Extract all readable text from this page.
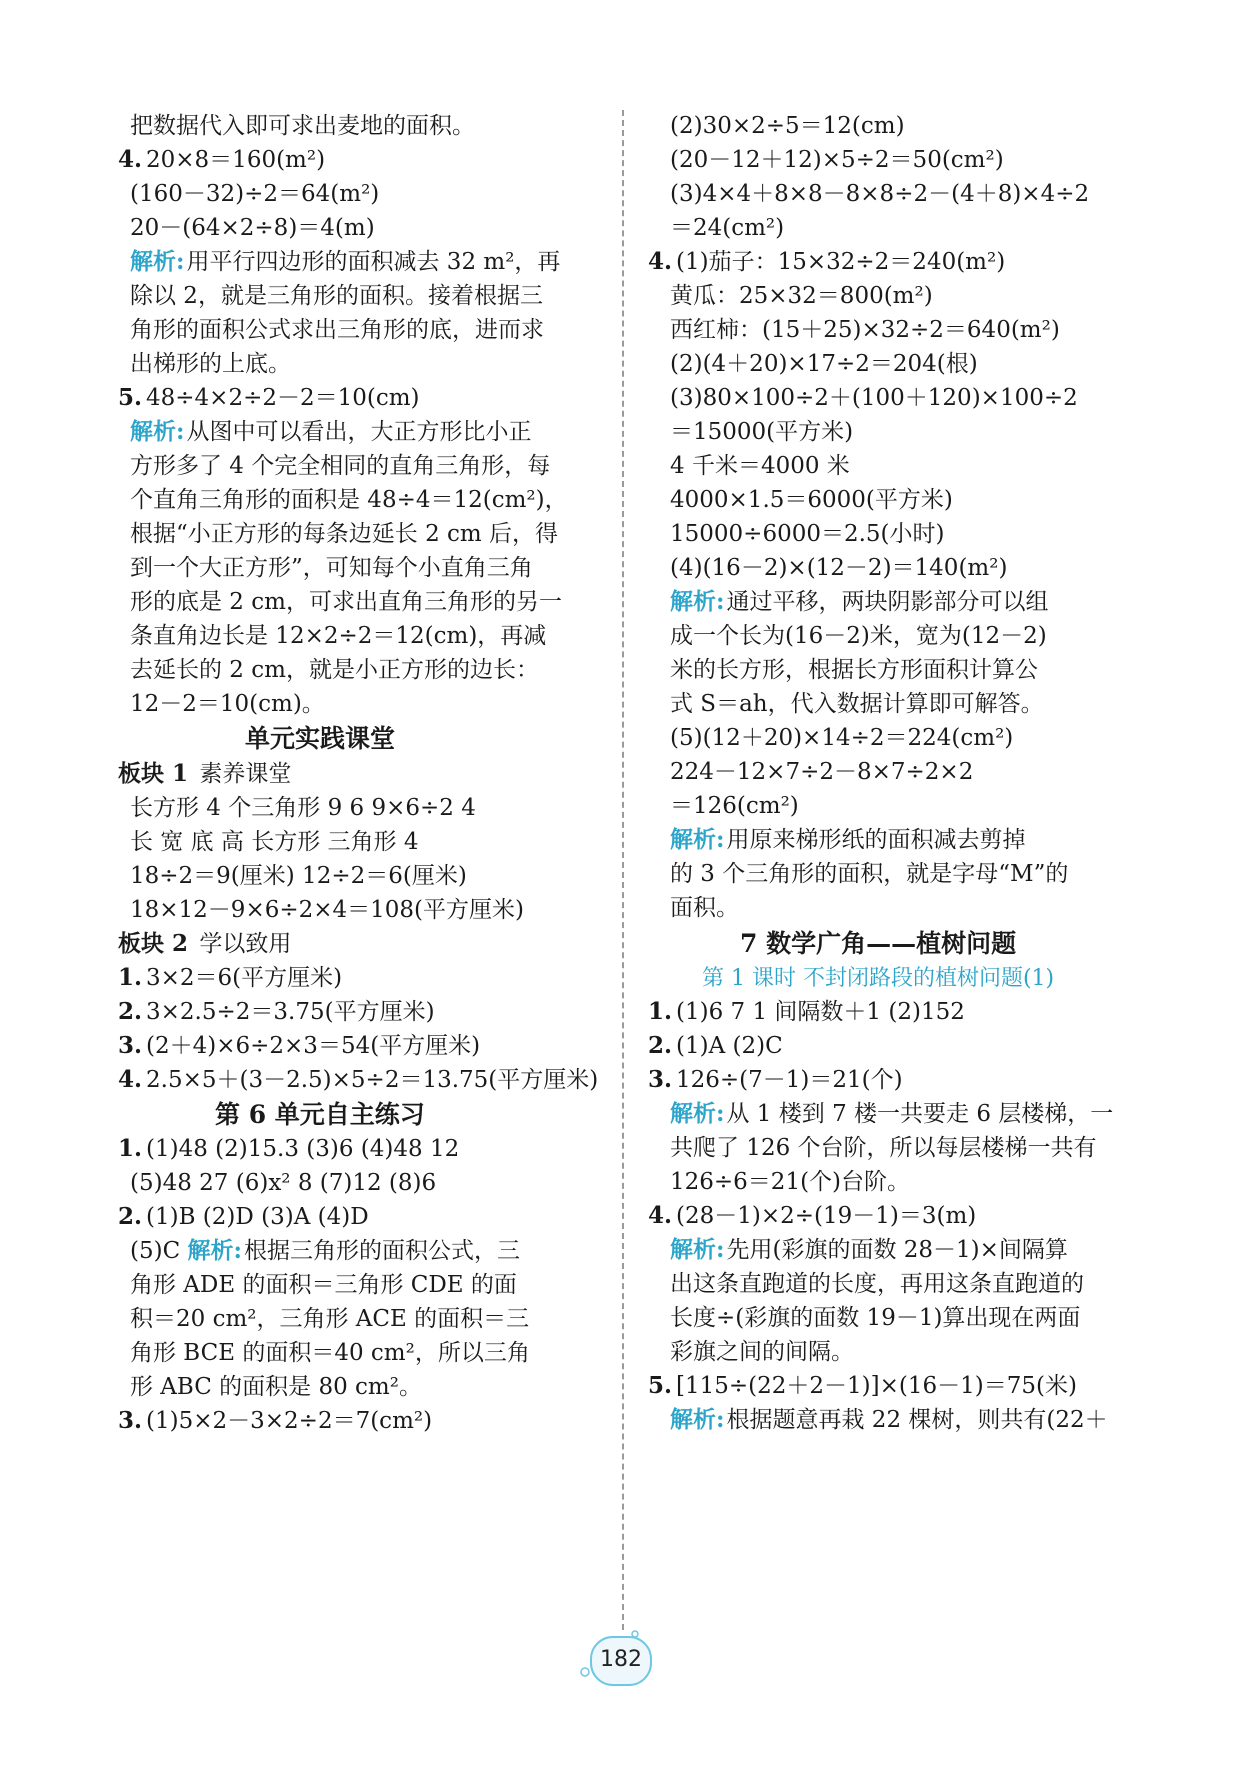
把数据代入即可求出麦地的面积。
4. 20×8＝160(m²)
(160－32)÷2＝64(m²)
20－(64×2÷8)＝4(m)
解析:用平行四边形的面积减去 32 m²，再
除以 2，就是三角形的面积。接着根据三
角形的面积公式求出三角形的底，进而求
出梯形的上底。
5. 48÷4×2÷2－2＝10(cm)
解析:从图中可以看出，大正方形比小正
方形多了 4 个完全相同的直角三角形，每
个直角三角形的面积是 48÷4＝12(cm²)，
根据“小正方形的每条边延长 2 cm 后，得
到一个大正方形”，可知每个小直角三角
形的底是 2 cm，可求出直角三角形的另一
条直角边长是 12×2÷2＝12(cm)，再减
去延长的 2 cm，就是小正方形的边长：
12－2＝10(cm)。
单元实践课堂
板块 1 素养课堂
长方形 4 个三角形 9 6 9×6÷2 4
长 宽 底 高 长方形 三角形 4
18÷2＝9(厘米) 12÷2＝6(厘米)
18×12－9×6÷2×4＝108(平方厘米)
板块 2 学以致用
1. 3×2＝6(平方厘米)
2. 3×2.5÷2＝3.75(平方厘米)
3. (2＋4)×6÷2×3＝54(平方厘米)
4. 2.5×5＋(3－2.5)×5÷2＝13.75(平方厘米)
第 6 单元自主练习
1. (1)48 (2)15.3 (3)6 (4)48 12
(5)48 27 (6)x² 8 (7)12 (8)6
2. (1)B (2)D (3)A (4)D
(5)C 解析:根据三角形的面积公式，三
角形 ADE 的面积＝三角形 CDE 的面
积＝20 cm²，三角形 ACE 的面积＝三
角形 BCE 的面积＝40 cm²，所以三角
形 ABC 的面积是 80 cm²。
3. (1)5×2－3×2÷2＝7(cm²)
(2)30×2÷5＝12(cm)
(20－12＋12)×5÷2＝50(cm²)
(3)4×4＋8×8－8×8÷2－(4＋8)×4÷2
＝24(cm²)
4. (1)茄子：15×32÷2＝240(m²)
黄瓜：25×32＝800(m²)
西红柿：(15＋25)×32÷2＝640(m²)
(2)(4＋20)×17÷2＝204(根)
(3)80×100÷2＋(100＋120)×100÷2
＝15000(平方米)
4 千米＝4000 米
4000×1.5＝6000(平方米)
15000÷6000＝2.5(小时)
(4)(16－2)×(12－2)＝140(m²)
解析:通过平移，两块阴影部分可以组
成一个长为(16－2)米，宽为(12－2)
米的长方形，根据长方形面积计算公
式 S＝ah，代入数据计算即可解答。
(5)(12＋20)×14÷2＝224(cm²)
224－12×7÷2－8×7÷2×2
＝126(cm²)
解析:用原来梯形纸的面积减去剪掉
的 3 个三角形的面积，就是字母“M”的
面积。
7 数学广角——植树问题
第 1 课时 不封闭路段的植树问题(1)
1. (1)6 7 1 间隔数＋1 (2)152
2. (1)A (2)C
3. 126÷(7－1)＝21(个)
解析:从 1 楼到 7 楼一共要走 6 层楼梯，一
共爬了 126 个台阶，所以每层楼梯一共有
126÷6＝21(个)台阶。
4. (28－1)×2÷(19－1)＝3(m)
解析:先用(彩旗的面数 28－1)×间隔算
出这条直跑道的长度，再用这条直跑道的
长度÷(彩旗的面数 19－1)算出现在两面
彩旗之间的间隔。
5. [115÷(22＋2－1)]×(16－1)＝75(米)
解析:根据题意再栽 22 棵树，则共有(22＋
182
